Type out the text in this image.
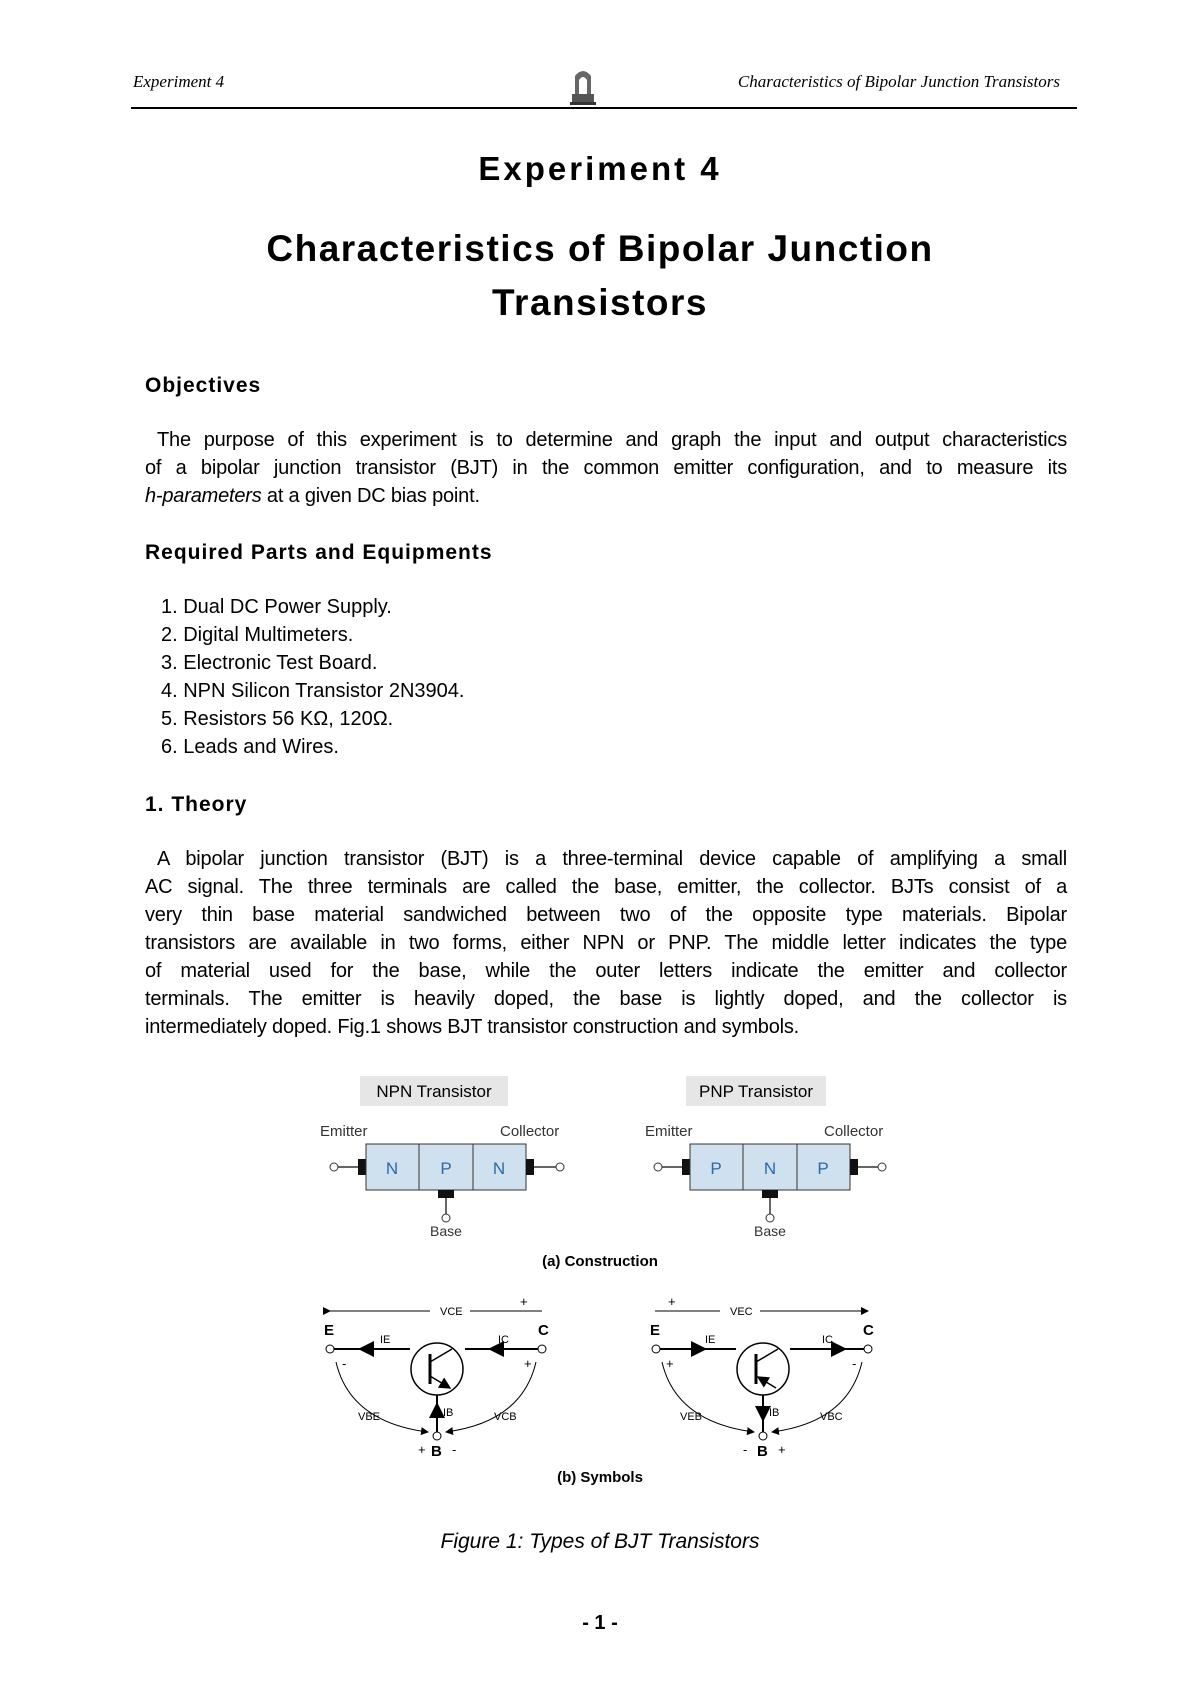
Experiment 4	Characteristics of Bipolar Junction Transistors
Experiment 4
Characteristics of Bipolar Junction
Transistors
Objectives
The purpose of this experiment is to determine and graph the input and output characteristics
of a bipolar junction transistor (BJT) in the common emitter configuration, and to measure its
h-parameters at a given DC bias point.
Required Parts and Equipments
1. Dual DC Power Supply.
2. Digital Multimeters.
3. Electronic Test Board.
4. NPN Silicon Transistor 2N3904.
5. Resistors 56 KΩ, 120Ω.
6. Leads and Wires.
1. Theory
A bipolar junction transistor (BJT) is a three-terminal device capable of amplifying a small
AC signal. The three terminals are called the base, emitter, the collector. BJTs consist of a
very thin base material sandwiched between two of the opposite type materials. Bipolar
transistors are available in two forms, either NPN or PNP. The middle letter indicates the type
of material used for the base, while the outer letters indicate the emitter and collector
terminals. The emitter is heavily doped, the base is lightly doped, and the collector is
intermediately doped. Fig.1 shows BJT transistor construction and symbols.
NPN Transistor
Emitter	Collector
N P N
Base
PNP Transistor
Emitter	Collector
P N P
Base
(a) Construction
VCE
+
E	C
IE	IC
-	+
IB
B
+ -
VBE	VCB
VEC
+
E	C
IE	IC
+	-
IB
B
- +
VEB	VBC
(b) Symbols
Figure 1: Types of BJT Transistors
- 1 -
